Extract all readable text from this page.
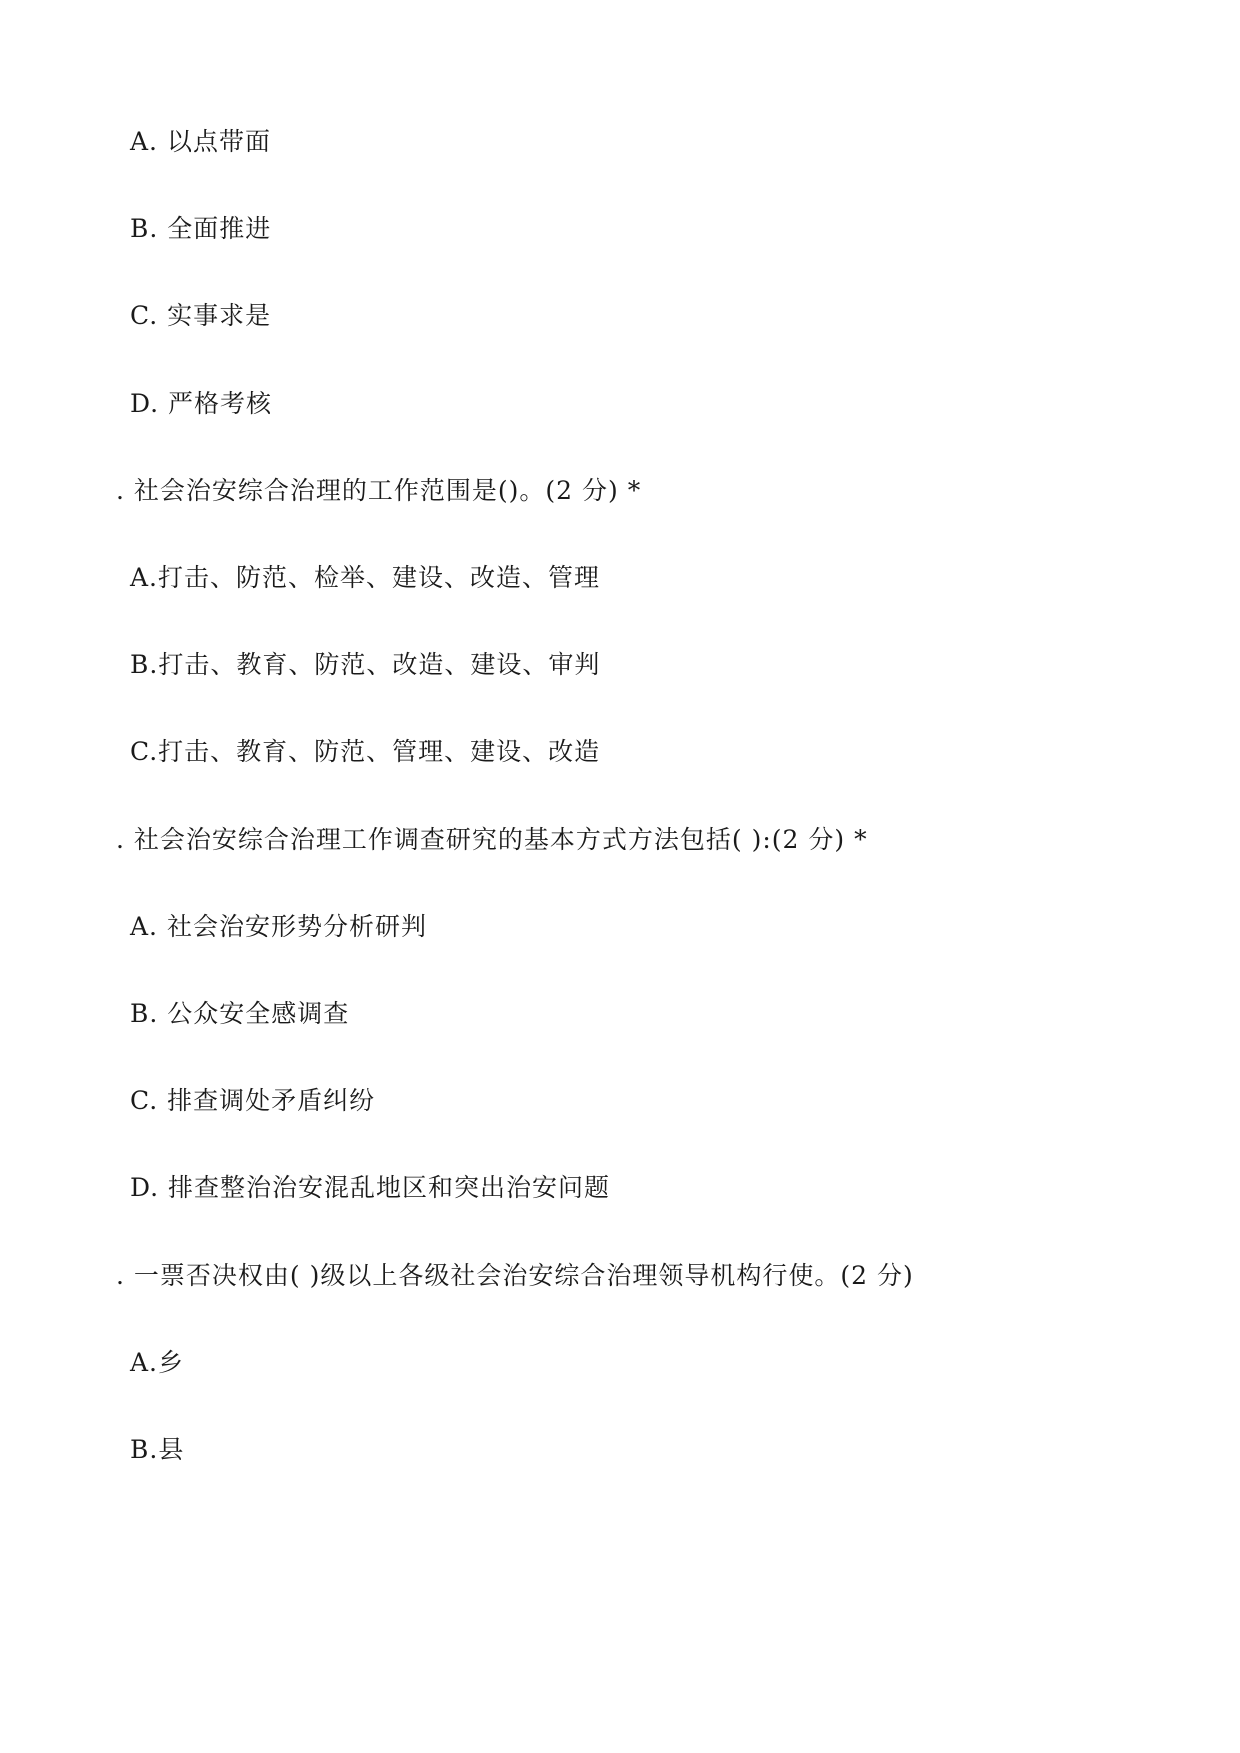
A. 以点带面
B. 全面推进
C. 实事求是
D. 严格考核
. 社会治安综合治理的工作范围是()。(2 分) *
A.打击、防范、检举、建设、改造、管理
B.打击、教育、防范、改造、建设、审判
C.打击、教育、防范、管理、建设、改造
. 社会治安综合治理工作调查研究的基本方式方法包括( ):(2 分) *
A. 社会治安形势分析研判
B. 公众安全感调查
C. 排查调处矛盾纠纷
D. 排查整治治安混乱地区和突出治安问题
. 一票否决权由( )级以上各级社会治安综合治理领导机构行使。(2 分)
A.乡
B.县
